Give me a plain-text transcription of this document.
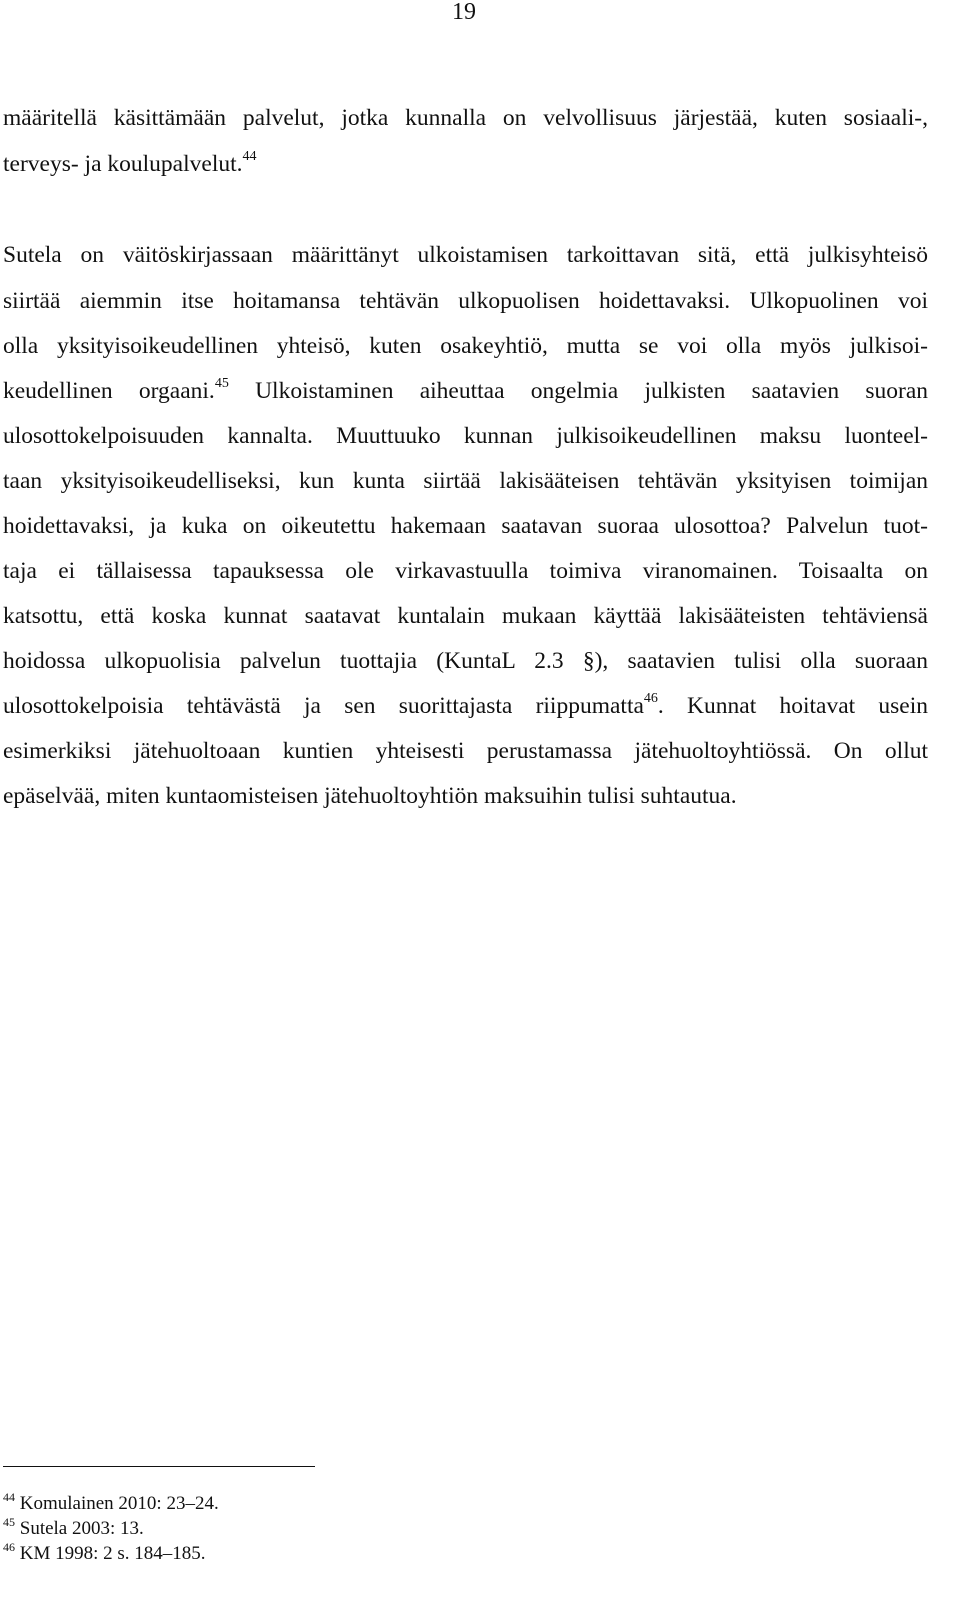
19
määritellä käsittämään palvelut, jotka kunnalla on velvollisuus järjestää, kuten sosiaali-,
terveys- ja koulupalvelut.$^{44}$
Sutela on väitöskirjassaan määrittänyt ulkoistamisen tarkoittavan sitä, että julkisyhteisö
siirtää aiemmin itse hoitamansa tehtävän ulkopuolisen hoidettavaksi. Ulkopuolinen voi
olla yksityisoikeudellinen yhteisö, kuten osakeyhtiö, mutta se voi olla myös julkisoi-
keudellinen orgaani.$^{45}$ Ulkoistaminen aiheuttaa ongelmia julkisten saatavien suoran
ulosottokelpoisuuden kannalta. Muuttuuko kunnan julkisoikeudellinen maksu luonteel-
taan yksityisoikeudelliseksi, kun kunta siirtää lakisääteisen tehtävän yksityisen toimijan
hoidettavaksi, ja kuka on oikeutettu hakemaan saatavan suoraa ulosottoa? Palvelun tuot-
taja ei tällaisessa tapauksessa ole virkavastuulla toimiva viranomainen. Toisaalta on
katsottu, että koska kunnat saatavat kuntalain mukaan käyttää lakisääteisten tehtäviensä
hoidossa ulkopuolisia palvelun tuottajia (KuntaL 2.3 §), saatavien tulisi olla suoraan
ulosottokelpoisia tehtävästä ja sen suorittajasta riippumatta$^{46}$. Kunnat hoitavat usein
esimerkiksi jätehuoltoaan kuntien yhteisesti perustamassa jätehuoltoyhtiössä. On ollut
epäselvää, miten kuntaomisteisen jätehuoltoyhtiön maksuihin tulisi suhtautua.
$^{44}$ Komulainen 2010: 23–24.
$^{45}$ Sutela 2003: 13.
$^{46}$ KM 1998: 2 s. 184–185.
